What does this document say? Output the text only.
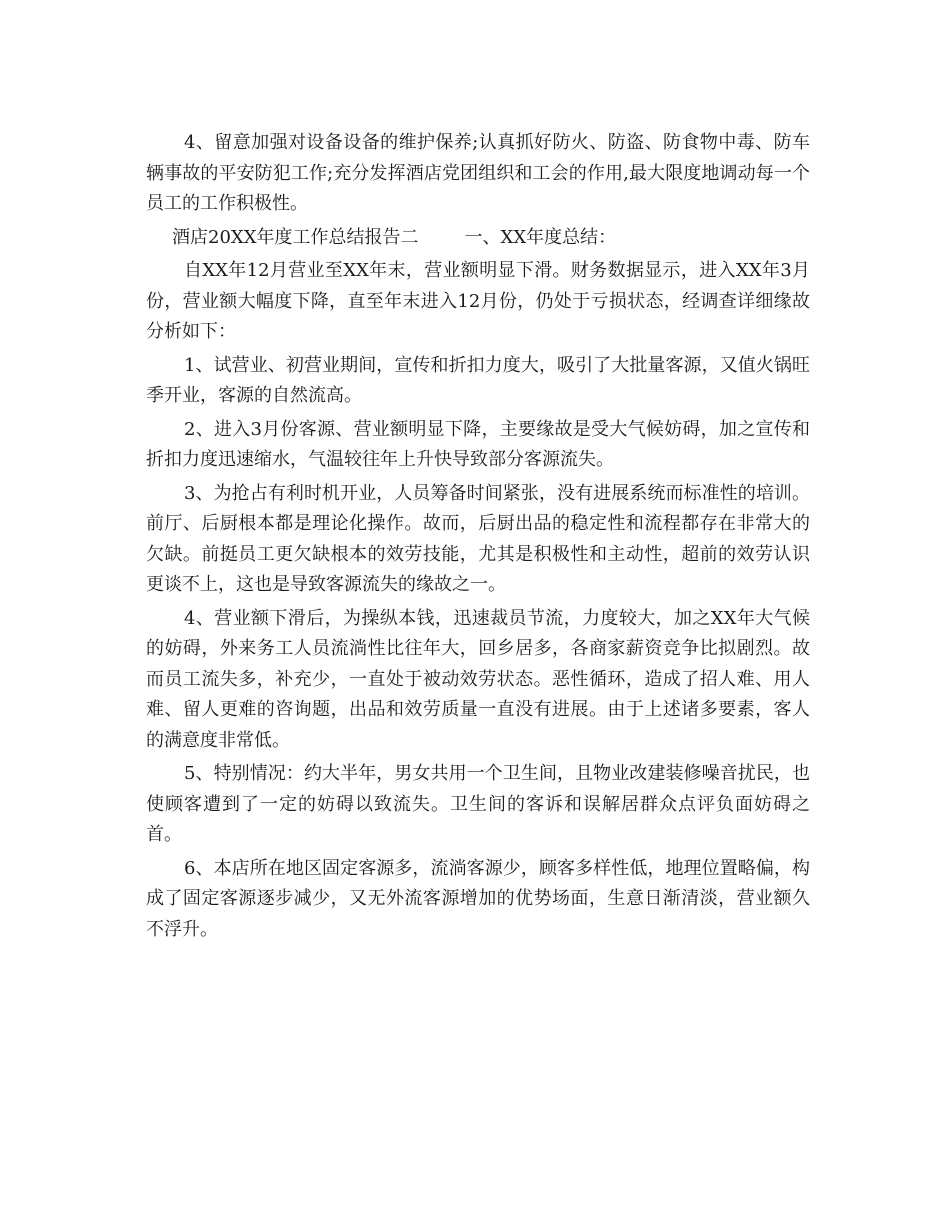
4、留意加强对设备设备的维护保养;认真抓好防火、防盗、防食物中毒、防车辆事故的平安防犯工作;充分发挥酒店党团组织和工会的作用,最大限度地调动每一个员工的工作积极性。

酒店20XX年度工作总结报告二	一、XX年度总结：

自XX年12月营业至XX年末，营业额明显下滑。财务数据显示，进入XX年3月份，营业额大幅度下降，直至年末进入12月份，仍处于亏损状态，经调查详细缘故分析如下：

1、试营业、初营业期间，宣传和折扣力度大，吸引了大批量客源，又值火锅旺季开业，客源的自然流高。

2、进入3月份客源、营业额明显下降，主要缘故是受大气候妨碍，加之宣传和折扣力度迅速缩水，气温较往年上升快导致部分客源流失。

3、为抢占有利时机开业，人员筹备时间紧张，没有进展系统而标准性的培训。前厅、后厨根本都是理论化操作。故而，后厨出品的稳定性和流程都存在非常大的欠缺。前挺员工更欠缺根本的效劳技能，尤其是积极性和主动性，超前的效劳认识更谈不上，这也是导致客源流失的缘故之一。

4、营业额下滑后，为操纵本钱，迅速裁员节流，力度较大，加之XX年大气候的妨碍，外来务工人员流淌性比往年大，回乡居多，各商家薪资竞争比拟剧烈。故而员工流失多，补充少，一直处于被动效劳状态。恶性循环，造成了招人难、用人难、留人更难的咨询题，出品和效劳质量一直没有进展。由于上述诸多要素，客人的满意度非常低。

5、特别情况：约大半年，男女共用一个卫生间，且物业改建装修噪音扰民，也使顾客遭到了一定的妨碍以致流失。卫生间的客诉和误解居群众点评负面妨碍之首。

6、本店所在地区固定客源多，流淌客源少，顾客多样性低，地理位置略偏，构成了固定客源逐步减少，又无外流客源增加的优势场面，生意日渐清淡，营业额久不浮升。
